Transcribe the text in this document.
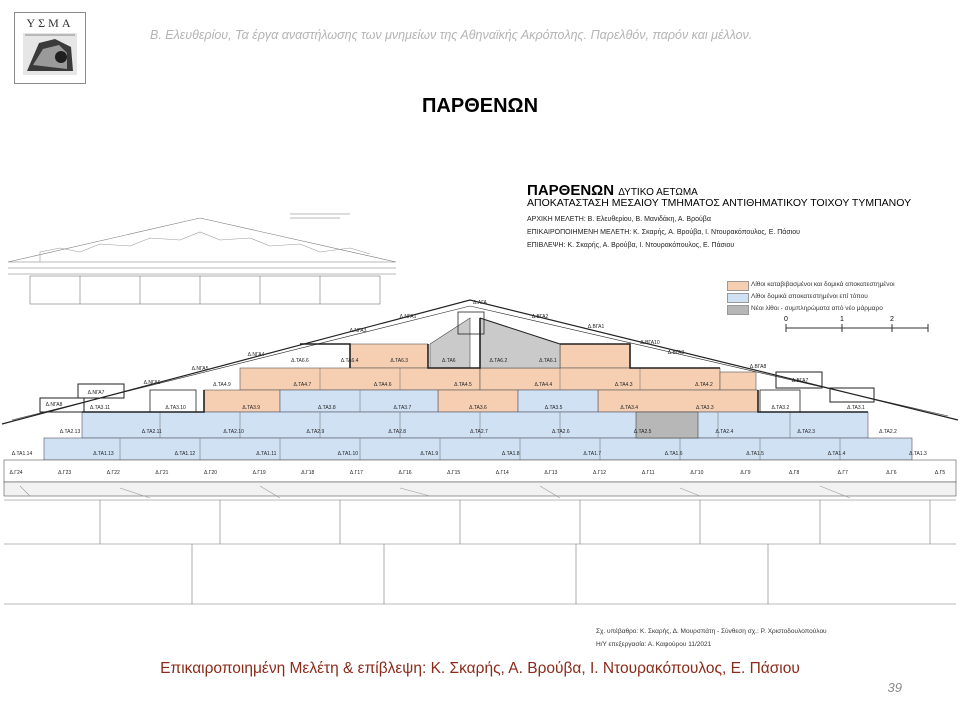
ΥΣΜΑ
Β. Ελευθερίου, Τα έργα αναστήλωσης των μνημείων της Αθηναϊκής Ακρόπολης. Παρελθόν, παρόν και μέλλον.
ΠΑΡΘΕΝΩΝ
ΠΑΡΘΕΝΩΝ ΔΥΤΙΚΟ ΑΕΤΩΜΑ
ΑΠΟΚΑΤΑΣΤΑΣΗ ΜΕΣΑΙΟΥ ΤΜΗΜΑΤΟΣ ΑΝΤΙΘΗΜΑΤΙΚΟΥ ΤΟΙΧΟΥ ΤΥΜΠΑΝΟΥ
ΑΡΧΙΚΗ ΜΕΛΕΤΗ: Β. Ελευθερίου, Β. Μανιδάκη, Α. Βρούβα
ΕΠΙΚΑΙΡΟΠΟΙΗΜΕΝΗ ΜΕΛΕΤΗ: Κ. Σκαρής, Α. Βρούβα, Ι. Ντουρακόπουλος, Ε. Πάσιου
ΕΠΙΒΛΕΨΗ: Κ. Σκαρής, Α. Βρούβα, Ι. Ντουρακόπουλος, Ε. Πάσιου
Λίθοι καταβιβασμένοι και δομικά αποκατεστημένοι
Λίθοι δομικά αποκατεστημένοι επί τόπου
Νέοι λίθοι - συμπληρώματα από νέο μάρμαρο
0	1	2
Δ.ΑΓΑ
Δ.ΝΓΑ1	Δ.ΒΓΑ2
Δ.ΒΓΑ1
Δ.ΝΓΑ3
Δ.ΝΓΑ4
Δ.ΝΓΑ5
Δ.ΝΓΑ6
Δ.ΝΓΑ7
Δ.ΝΓΑ8
Δ.ΒΓΑ8
Δ.ΒΓΑ7
Δ.ΒΓΑ9
Δ.ΒΓΑ10
Δ.ΤΑ6.6	Δ.ΤΑ6.4	Δ.ΤΑ6.3	Δ.ΤΑ6	Δ.ΤΑ6.2	Δ.ΤΑ6.1
Δ.ΤΑ4.9	Δ.ΤΑ4.7	Δ.ΤΑ4.6	Δ.ΤΑ4.5	Δ.ΤΑ4.4	Δ.ΤΑ4.3	Δ.ΤΑ4.2
Δ.ΤΑ3.11	Δ.ΤΑ3.10	Δ.ΤΑ3.9	Δ.ΤΑ3.8	Δ.ΤΑ3.7	Δ.ΤΑ3.6	Δ.ΤΑ3.5	Δ.ΤΑ3.4	Δ.ΤΑ3.3	Δ.ΤΑ3.2	Δ.ΤΑ3.1
Δ.ΤΑ2.13	Δ.ΤΑ2.11	Δ.ΤΑ2.10	Δ.ΤΑ2.9	Δ.ΤΑ2.8	Δ.ΤΑ2.7	Δ.ΤΑ2.6	Δ.ΤΑ2.5	Δ.ΤΑ2.4	Δ.ΤΑ2.3	Δ.ΤΑ2.2
Δ.ΤΑ1.14	Δ.ΤΑ1.13	Δ.ΤΑ1.12	Δ.ΤΑ1.11	Δ.ΤΑ1.10	Δ.ΤΑ1.9	Δ.ΤΑ1.8	Δ.ΤΑ1.7	Δ.ΤΑ1.6	Δ.ΤΑ1.5	Δ.ΤΑ1.4	Δ.ΤΑ1.3
Δ.Γ24	Δ.Γ23	Δ.Γ22	Δ.Γ21	Δ.Γ20	Δ.Γ19	Δ.Γ18	Δ.Γ17	Δ.Γ16	Δ.Γ15	Δ.Γ14	Δ.Γ13	Δ.Γ12	Δ.Γ11	Δ.Γ10	Δ.Γ9	Δ.Γ8	Δ.Γ7	Δ.Γ6	Δ.Γ5
Σχ. υπέβαθρο: Κ. Σκαρής, Δ. Μουρσπάτη - Σύνθεση σχ.: Ρ. Χριστοδουλοπούλου
Η/Υ επεξεργασία: Α. Καψούρου 11/2021
Επικαιροποιημένη Μελέτη & επίβλεψη: Κ. Σκαρής, Α. Βρούβα, Ι. Ντουρακόπουλος, Ε. Πάσιου
39
